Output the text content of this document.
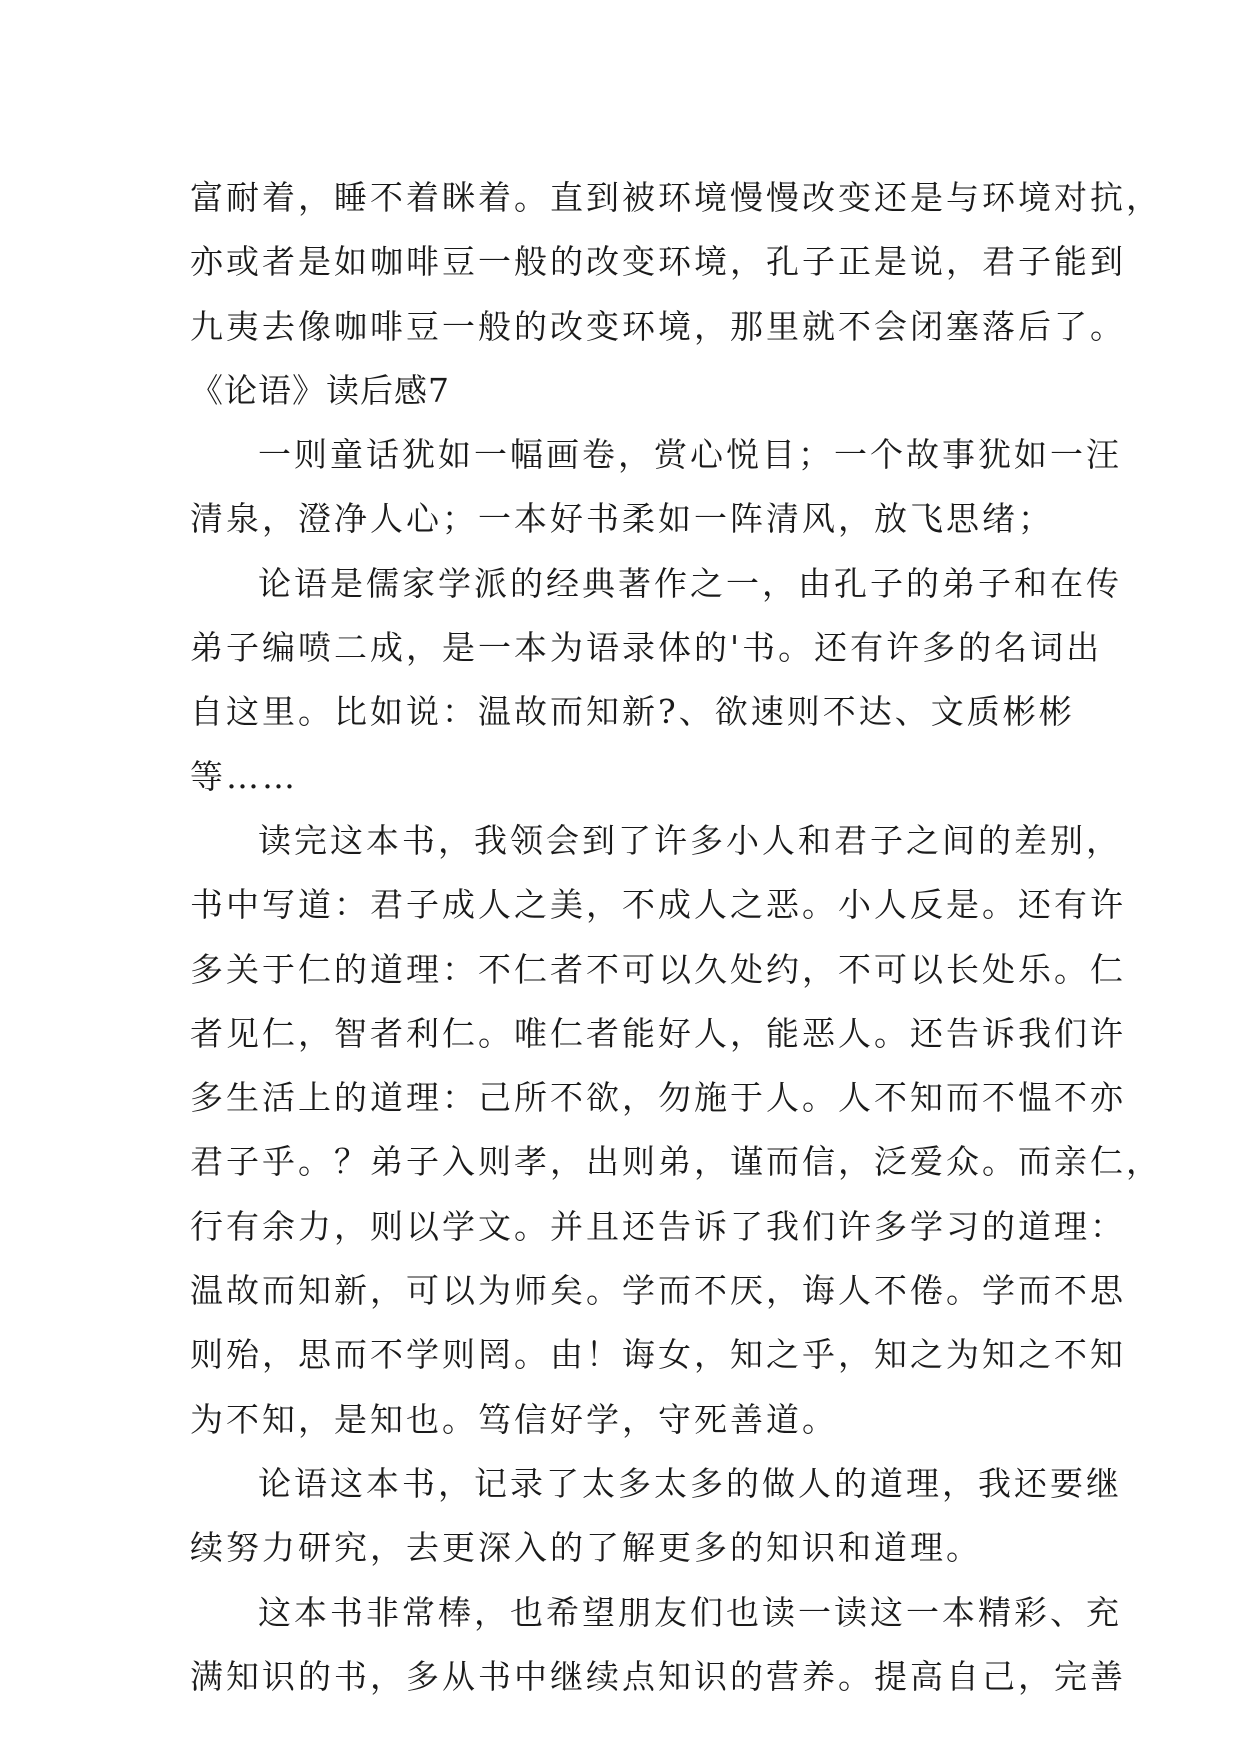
富耐着，睡不着眯着。直到被环境慢慢改变还是与环境对抗，
亦或者是如咖啡豆一般的改变环境，孔子正是说，君子能到
九夷去像咖啡豆一般的改变环境，那里就不会闭塞落后了。
《论语》读后感7
一则童话犹如一幅画卷，赏心悦目；一个故事犹如一汪
清泉，澄净人心；一本好书柔如一阵清风，放飞思绪；
论语是儒家学派的经典著作之一，由孔子的弟子和在传
弟子编喷二成，是一本为语录体的'书。还有许多的名词出
自这里。比如说：温故而知新?、欲速则不达、文质彬彬
等……
读完这本书，我领会到了许多小人和君子之间的差别，
书中写道：君子成人之美，不成人之恶。小人反是。还有许
多关于仁的道理：不仁者不可以久处约，不可以长处乐。仁
者见仁，智者利仁。唯仁者能好人，能恶人。还告诉我们许
多生活上的道理：己所不欲，勿施于人。人不知而不愠不亦
君子乎。？弟子入则孝，出则弟，谨而信，泛爱众。而亲仁，
行有余力，则以学文。并且还告诉了我们许多学习的道理：
温故而知新，可以为师矣。学而不厌，诲人不倦。学而不思
则殆，思而不学则罔。由！诲女，知之乎，知之为知之不知
为不知，是知也。笃信好学，守死善道。
论语这本书，记录了太多太多的做人的道理，我还要继
续努力研究，去更深入的了解更多的知识和道理。
这本书非常棒，也希望朋友们也读一读这一本精彩、充
满知识的书，多从书中继续点知识的营养。提高自己，完善
